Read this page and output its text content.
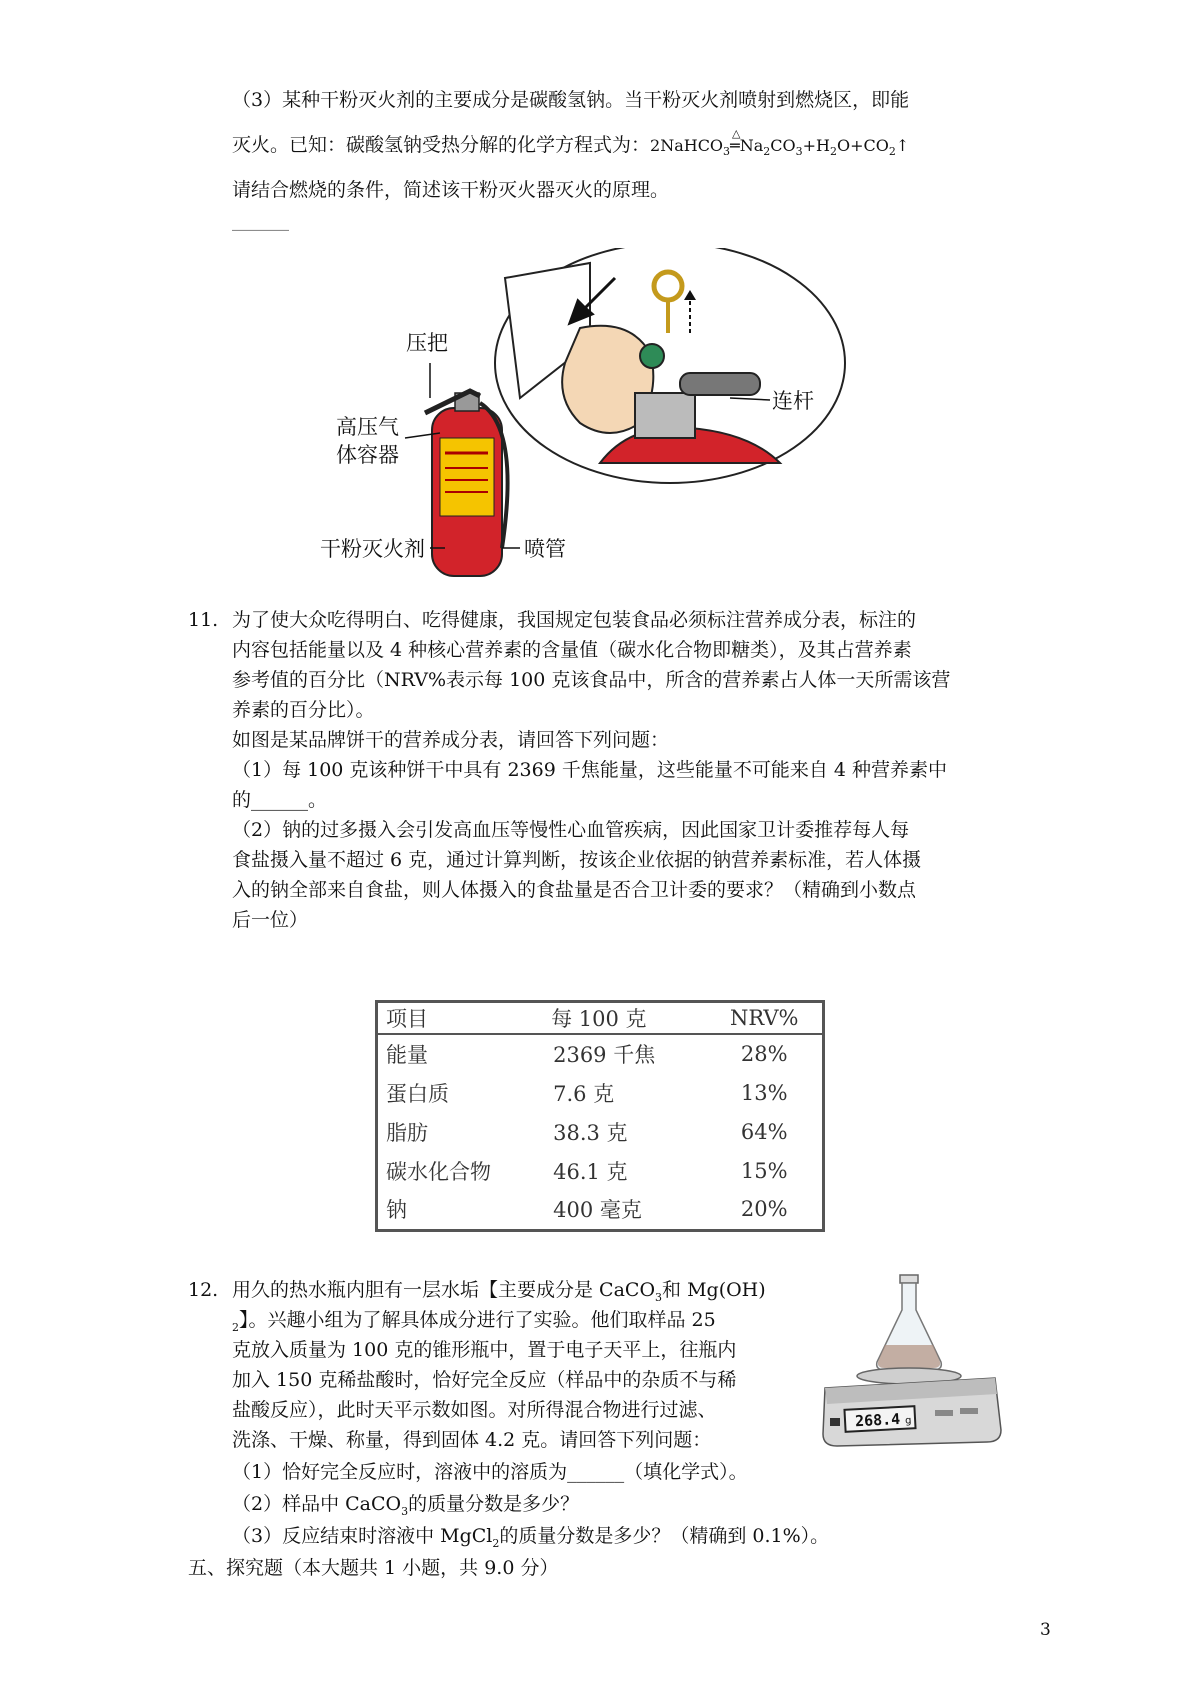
（3）某种干粉灭火剂的主要成分是碳酸氢钠。当干粉灭火剂喷射到燃烧区，即能
灭火。已知：碳酸氢钠受热分解的化学方程式为：2NaHCO$_3$
△
$═Na_2CO_3+H_2O+CO_2↑$
请结合燃烧的条件，简述该干粉灭火器灭火的原理。
______
压把
高压气
体容器
干粉灭火剂	喷管
连杆
11. 为了使大众吃得明白、吃得健康，我国规定包装食品必须标注营养成分表，标注的
内容包括能量以及 4 种核心营养素的含量值（碳水化合物即糖类），及其占营养素
参考值的百分比（NRV%表示每 100 克该食品中，所含的营养素占人体一天所需该营
养素的百分比）。
如图是某品牌饼干的营养成分表，请回答下列问题：
（1）每 100 克该种饼干中具有 2369 千焦能量，这些能量不可能来自 4 种营养素中
的______。
（2）钠的过多摄入会引发高血压等慢性心血管疾病，因此国家卫计委推荐每人每
食盐摄入量不超过 6 克，通过计算判断，按该企业依据的钠营养素标准，若人体摄
入的钠全部来自食盐，则人体摄入的食盐量是否合卫计委的要求？（精确到小数点
后一位）
项目	每 100 克	NRV%
能量	2369 千焦	28%
蛋白质	7.6 克	13%
脂肪	38.3 克	64%
碳水化合物	46.1 克	15%
钠	400 毫克	20%
12. 用久的热水瓶内胆有一层水垢【主要成分是 CaCO$_3$和 Mg(OH)
$_2$】。兴趣小组为了解具体成分进行了实验。他们取样品 25
克放入质量为 100 克的锥形瓶中，置于电子天平上，往瓶内
加入 150 克稀盐酸时，恰好完全反应（样品中的杂质不与稀
盐酸反应），此时天平示数如图。对所得混合物进行过滤、
洗涤、干燥、称量，得到固体 4.2 克。请回答下列问题：
（1）恰好完全反应时，溶液中的溶质为______（填化学式）。
（2）样品中 CaCO$_3$的质量分数是多少？
（3）反应结束时溶液中 MgCl$_2$的质量分数是多少？（精确到 0.1%）。
268.4 g
五、探究题（本大题共 1 小题，共 9.0 分）
3
